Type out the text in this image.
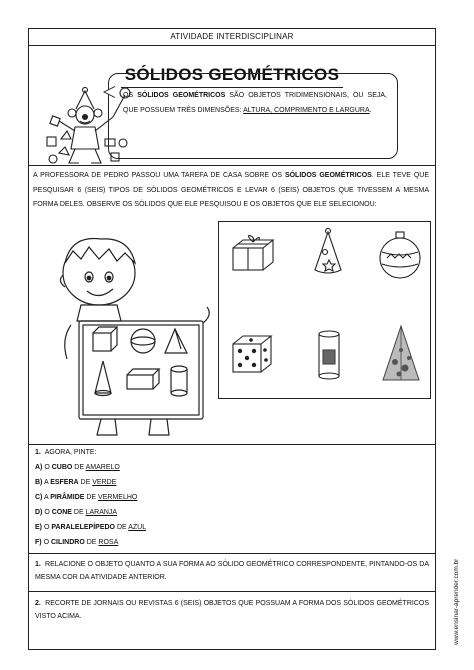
ATIVIDADE INTERDISCIPLINAR
SÓLIDOS GEOMÉTRICOS
OS SÓLIDOS GEOMÉTRICOS SÃO OBJETOS TRIDIMENSIONAIS, OU SEJA, QUE POSSUEM TRÊS DIMENSÕES: ALTURA, COMPRIMENTO E LARGURA.
A PROFESSORA DE PEDRO PASSOU UMA TAREFA DE CASA SOBRE OS SÓLIDOS GEOMÉTRICOS. ELE TEVE QUE PESQUISAR 6 (SEIS) TIPOS DE SÓLIDOS GEOMÉTRICOS E LEVAR 6 (SEIS) OBJETOS QUE TIVESSEM A MESMA FORMA DELES. OBSERVE OS SÓLIDOS QUE ELE PESQUISOU E OS OBJETOS QUE ELE SELECIONOU:
1. AGORA, PINTE:
A) O CUBO DE AMARELO
B) A ESFERA DE VERDE
C) A PIRÂMIDE DE VERMELHO
D) O CONE DE LARANJA
E) O PARALELEPÍPEDO DE AZUL
F) O CILINDRO DE ROSA
1. RELACIONE O OBJETO QUANTO A SUA FORMA AO SÓLIDO GEOMÉTRICO CORRESPONDENTE, PINTANDO-OS DA MESMA COR DA ATIVIDADE ANTERIOR.
2. RECORTE DE JORNAIS OU REVISTAS 6 (SEIS) OBJETOS QUE POSSUAM A FORMA DOS SÓLIDOS GEOMÉTRICOS VISTO ACIMA.	www.ensinar-aprender.com.br
